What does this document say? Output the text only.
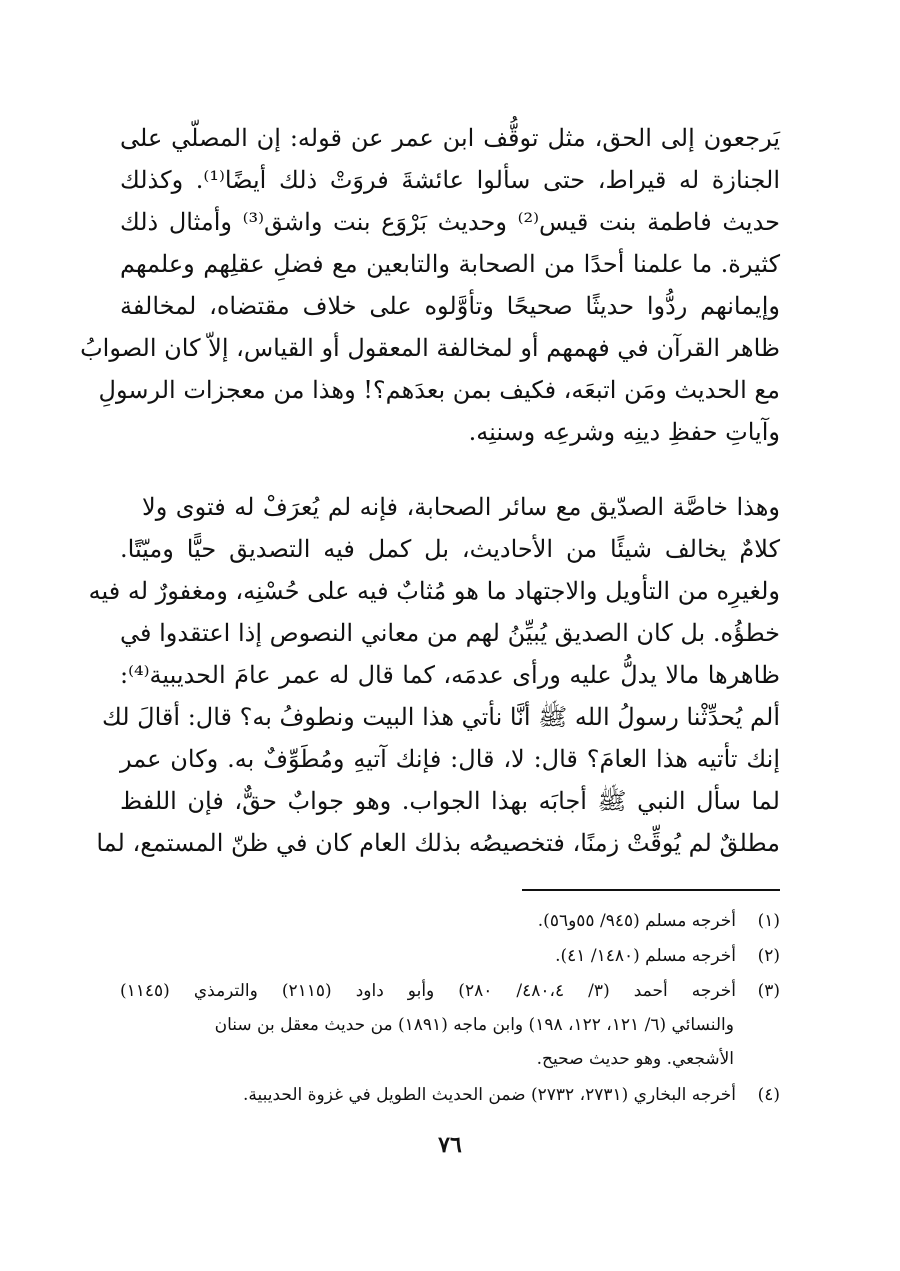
يَرجعون إلى الحق، مثل توقُّف ابن عمر عن قوله: إن المصلّي على
الجنازة له قيراط، حتى سألوا عائشةَ فروَتْ ذلك أيضًا⁽¹⁾. وكذلك
حديث فاطمة بنت قيس⁽²⁾ وحديث بَرْوَع بنت واشق⁽³⁾ وأمثال ذلك
كثيرة. ما علمنا أحدًا من الصحابة والتابعين مع فضلِ عقلِهم وعلمهم
وإيمانهم ردُّوا حديثًا صحيحًا وتأوَّلوه على خلاف مقتضاه، لمخالفة
ظاهر القرآن في فهمهم أو لمخالفة المعقول أو القياس، إلاّ كان الصوابُ
مع الحديث ومَن اتبعَه، فكيف بمن بعدَهم؟! وهذا من معجزات الرسولِ
وآياتِ حفظِ دينِه وشرعِه وسننِه.
وهذا خاصَّة الصدّيق مع سائر الصحابة، فإنه لم يُعرَفْ له فتوى ولا
كلامٌ يخالف شيئًا من الأحاديث، بل كمل فيه التصديق حيًّا وميّتًا.
ولغيرِه من التأويل والاجتهاد ما هو مُثابٌ فيه على حُسْنِه، ومغفورٌ له فيه
خطؤُه. بل كان الصديق يُبيِّنُ لهم من معاني النصوص إذا اعتقدوا في
ظاهرها مالا يدلُّ عليه ورأى عدمَه، كما قال له عمر عامَ الحديبية⁽⁴⁾:
ألم يُحدِّثْنا رسولُ الله ﷺ أنَّا نأتي هذا البيت ونطوفُ به؟ قال: أقالَ لك
إنك تأتيه هذا العامَ؟ قال: لا، قال: فإنك آتيهِ ومُطَوِّفٌ به. وكان عمر
لما سأل النبي ﷺ أجابَه بهذا الجواب. وهو جوابٌ حقٌّ، فإن اللفظ
مطلقٌ لم يُوقِّتْ زمنًا، فتخصيصُه بذلك العام كان في ظنّ المستمع، لما
(١)أخرجه مسلم (٩٤٥/ ٥٥و٥٦).
(٢)أخرجه مسلم (١٤٨٠/ ٤١).
(٣)أخرجه أحمد (٣/ ٤٨٠،٤/ ٢٨٠) وأبو داود (٢١١٥) والترمذي (١١٤٥)
والنسائي (٦/ ١٢١، ١٢٢، ١٩٨) وابن ماجه (١٨٩١) من حديث معقل بن سنان
الأشجعي. وهو حديث صحيح.
(٤)أخرجه البخاري (٢٧٣١، ٢٧٣٢) ضمن الحديث الطويل في غزوة الحديبية.
٧٦
